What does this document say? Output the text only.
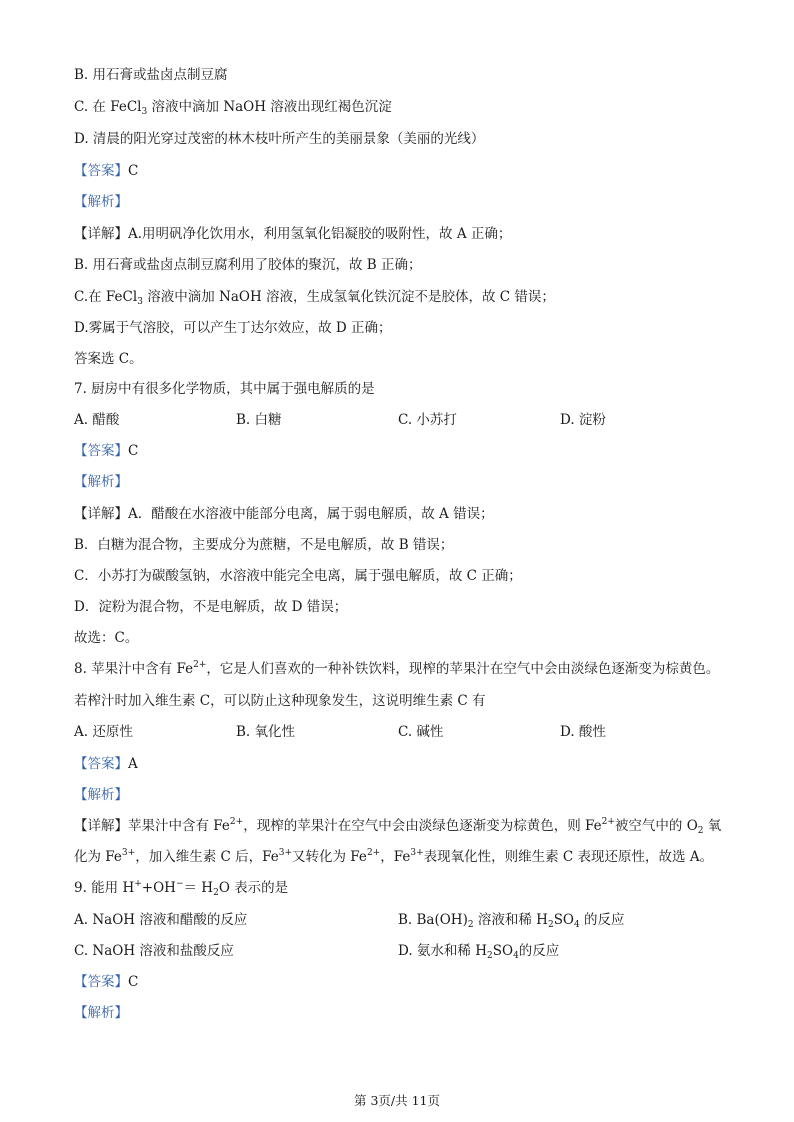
B. 用石膏或盐卤点制豆腐
C. 在 FeCl$_3$ 溶液中滴加 NaOH 溶液出现红褐色沉淀
D. 清晨的阳光穿过茂密的林木枝叶所产生的美丽景象（美丽的光线）
【答案】C
【解析】
【详解】A.用明矾净化饮用水，利用氢氧化铝凝胶的吸附性，故 A 正确；
B. 用石膏或盐卤点制豆腐利用了胶体的聚沉，故 B 正确；
C.在 FeCl$_3$ 溶液中滴加 NaOH 溶液，生成氢氧化铁沉淀不是胶体，故 C 错误；
D.雾属于气溶胶，可以产生丁达尔效应，故 D 正确；
答案选 C。
7. 厨房中有很多化学物质，其中属于强电解质的是
A. 醋酸	B. 白糖	C. 小苏打	D. 淀粉
【答案】C
【解析】
【详解】A．醋酸在水溶液中能部分电离，属于弱电解质，故 A 错误；
B．白糖为混合物，主要成分为蔗糖，不是电解质，故 B 错误；
C．小苏打为碳酸氢钠，水溶液中能完全电离，属于强电解质，故 C 正确；
D．淀粉为混合物，不是电解质，故 D 错误；
故选：C。
8. 苹果汁中含有 $Fe^{2+}$，它是人们喜欢的一种补铁饮料，现榨的苹果汁在空气中会由淡绿色逐渐变为棕黄色。
若榨汁时加入维生素 C，可以防止这种现象发生，这说明维生素 C 有
A. 还原性	B. 氧化性	C. 碱性	D. 酸性
【答案】A
【解析】
【详解】苹果汁中含有 $Fe^{2+}$，现榨的苹果汁在空气中会由淡绿色逐渐变为棕黄色，则 $Fe^{2+}$被空气中的 $O_2$ 氧
化为 $Fe^{3+}$，加入维生素 C 后，$Fe^{3+}$又转化为 $Fe^{2+}$，$Fe^{3+}$表现氧化性，则维生素 C 表现还原性，故选 A。
9. 能用 $H^++OH^-= H_2O$ 表示的是
A. NaOH 溶液和醋酸的反应	B. $Ba(OH)_2$ 溶液和稀 $H_2SO_4$ 的反应
C. NaOH 溶液和盐酸反应	D. 氨水和稀 $H_2SO_4$的反应
【答案】C
【解析】
第 3页/共 11页
